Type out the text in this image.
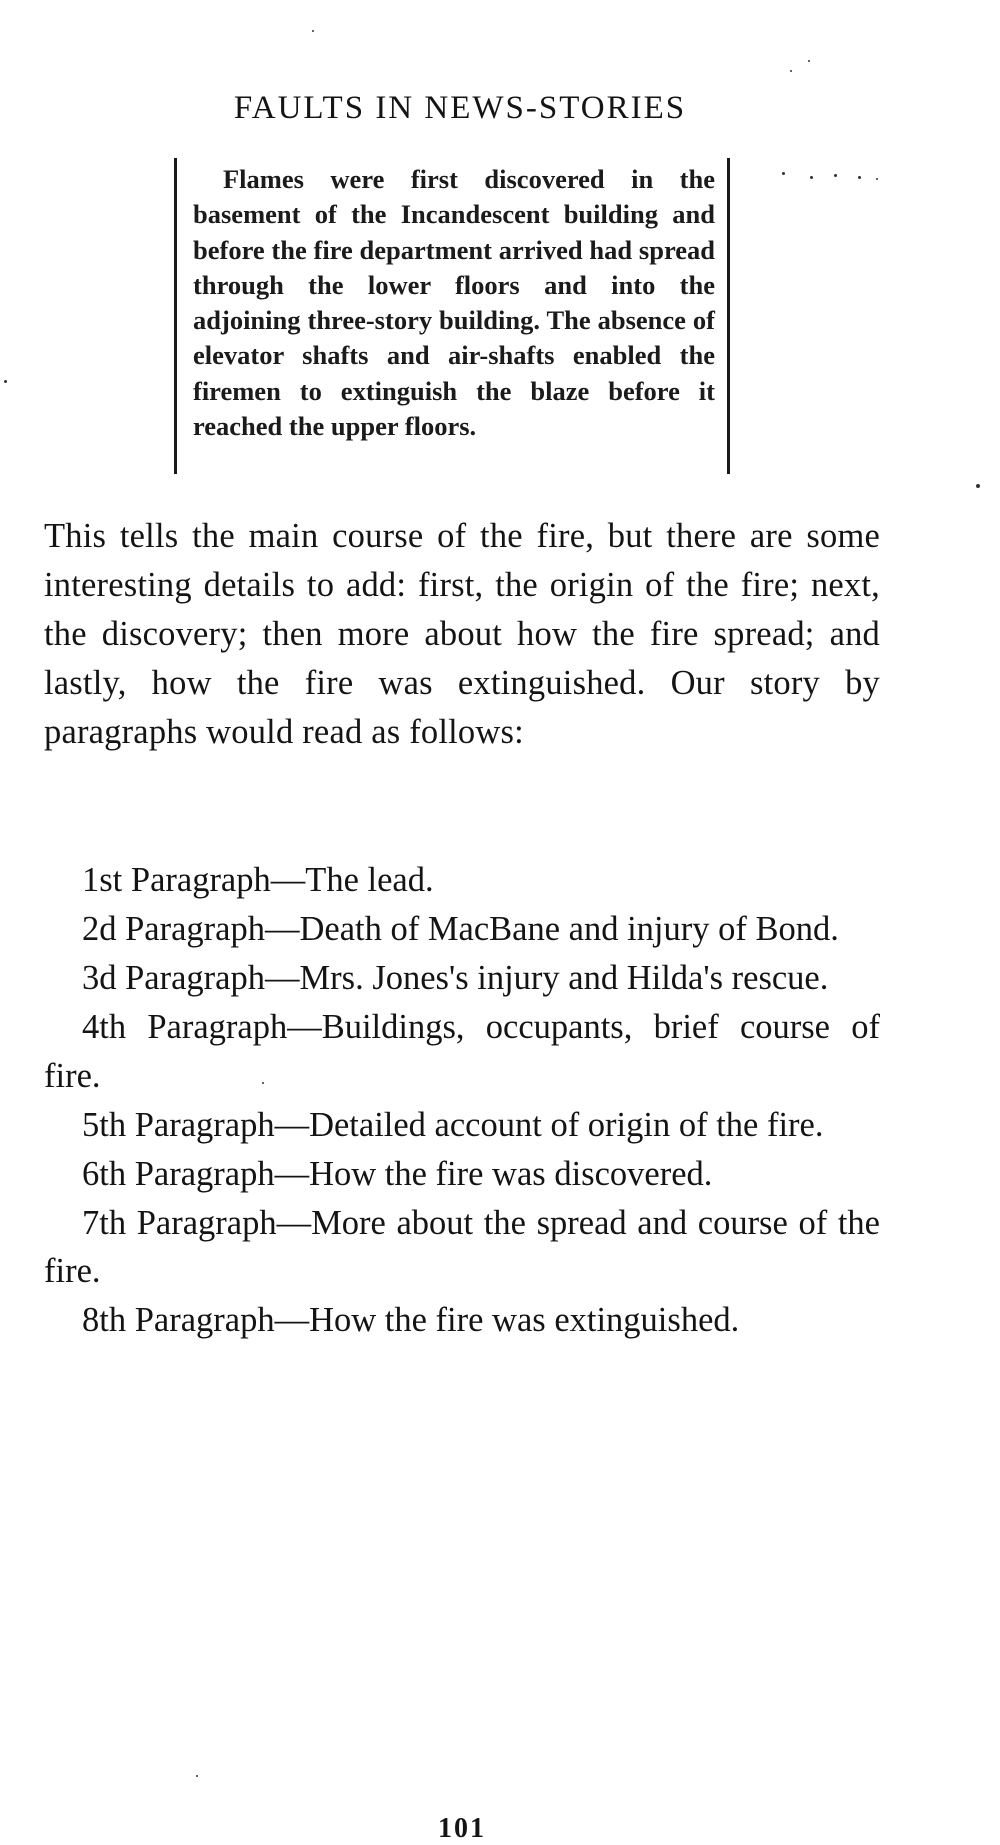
FAULTS IN NEWS-STORIES

Flames were first discovered in the basement of the Incandescent building and before the fire department arrived had spread through the lower floors and into the adjoining three-story building. The absence of elevator shafts and air-shafts enabled the firemen to extinguish the blaze before it reached the upper floors.

This tells the main course of the fire, but there are some interesting details to add: first, the origin of the fire; next, the discovery; then more about how the fire spread; and lastly, how the fire was extinguished. Our story by paragraphs would read as follows:

1st Paragraph—The lead.
2d Paragraph—Death of MacBane and injury of Bond.
3d Paragraph—Mrs. Jones's injury and Hilda's rescue.
4th Paragraph—Buildings, occupants, brief course of fire.
5th Paragraph—Detailed account of origin of the fire.
6th Paragraph—How the fire was discovered.
7th Paragraph—More about the spread and course of the fire.
8th Paragraph—How the fire was extinguished.
101
